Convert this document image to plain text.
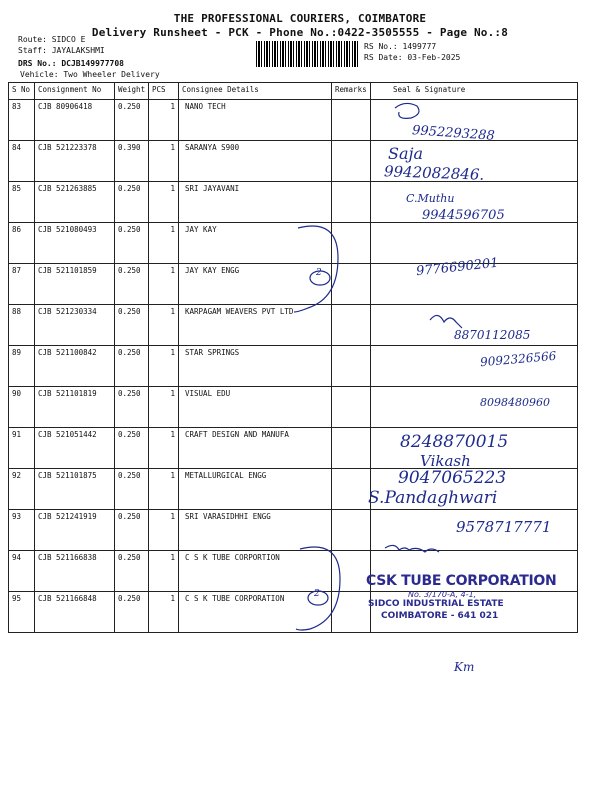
THE PROFESSIONAL COURIERS, COIMBATORE
Delivery Runsheet - PCK - Phone No.:0422-3505555 - Page No.:8
Route: SIDCO E
Staff: JAYALAKSHMI
DRS No.: DCJB149977708
Vehicle: Two Wheeler Delivery
RS No.: 1499777
RS Date: 03-Feb-2025
S No	Consignment No	Weight	PCS	Consignee Details	Remarks	Seal & Signature

83	CJB 80906418	0.250	1	NANO TECH		

84	CJB 521223378	0.390	1	SARANYA S900		

85	CJB 521263885	0.250	1	SRI JAYAVANI		

86	CJB 521080493	0.250	1	JAY KAY		

87	CJB 521101859	0.250	1	JAY KAY ENGG		

88	CJB 521230334	0.250	1	KARPAGAM WEAVERS PVT LTD		

89	CJB 521100842	0.250	1	STAR SPRINGS		

90	CJB 521101819	0.250	1	VISUAL EDU		

91	CJB 521051442	0.250	1	CRAFT DESIGN AND MANUFA		

92	CJB 521101875	0.250	1	METALLURGICAL ENGG		

93	CJB 521241919	0.250	1	SRI VARASIDHHI ENGG		

94	CJB 521166838	0.250	1	C S K TUBE CORPORTION		

95	CJB 521166848	0.250	1	C S K TUBE CORPORATION		

9952293288
Saja
9942082846.
C.Muthu
9944596705
9776690201
8870112085
9092326566
8098480960
8248870015
Vikash
9047065223
S.Pandaghwari
9578717771
2
2
Km
CSK TUBE CORPORATION
No. 3/170-A, 4-1,
SIDCO INDUSTRIAL ESTATE
COIMBATORE - 641 021
